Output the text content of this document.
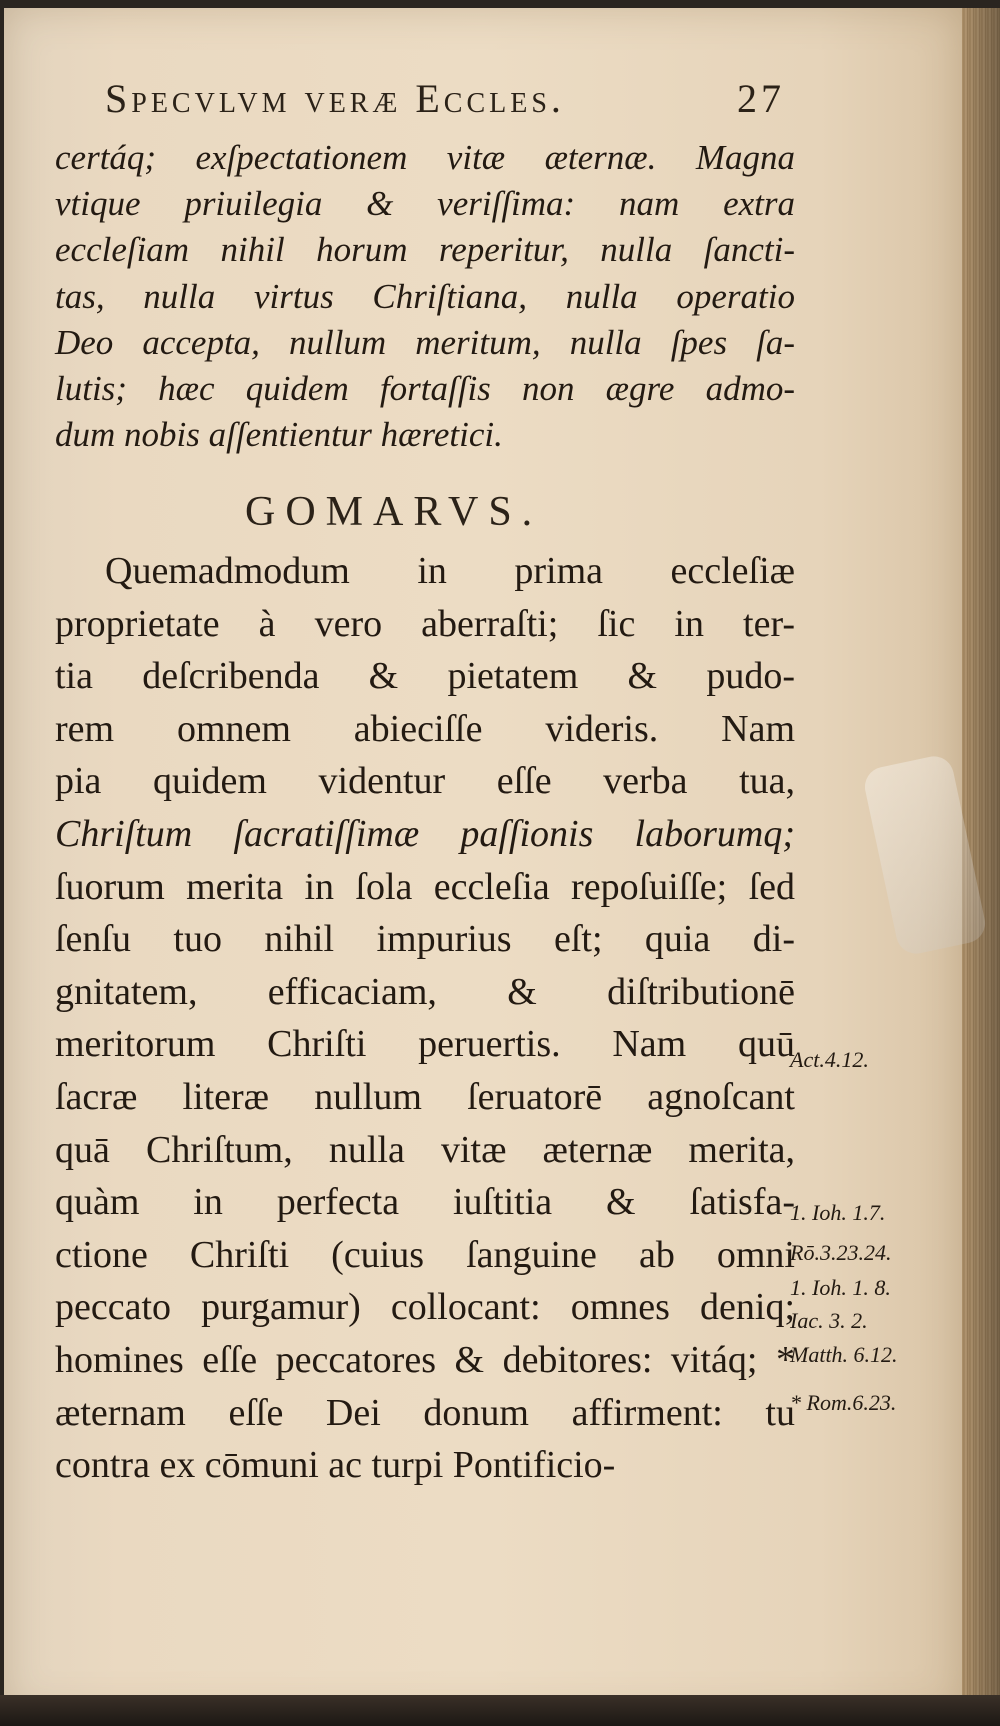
Specvlvm veræ Eccles.	27
certáq; exſpectationem vitæ æternæ. Magna
vtique priuilegia & veriſſima: nam extra
eccleſiam nihil horum reperitur, nulla ſancti-
tas, nulla virtus Chriſtiana, nulla operatio
Deo accepta, nullum meritum, nulla ſpes ſa-
lutis; hæc quidem fortaſſis non ægre admo-
dum nobis aſſentientur hæretici.
GOMARVS.
Quemadmodum in prima eccleſiæ
proprietate à vero aberraſti; ſic in ter-
tia deſcribenda & pietatem & pudo-
rem omnem abieciſſe videris. Nam
pia quidem videntur eſſe verba tua,
Chriſtum ſacratiſſimæ paſſionis laborumq;
ſuorum merita in ſola eccleſia repoſuiſſe; ſed
ſenſu tuo nihil impurius eſt; quia di-
gnitatem, efficaciam, & diſtributionē
meritorum Chriſti peruertis. Nam quū
ſacræ literæ nullum ſeruatorē agnoſcant
quā Chriſtum, nulla vitæ æternæ merita,
quàm in perfecta iuſtitia & ſatisfa-
ctione Chriſti (cuius ſanguine ab omni
peccato purgamur) collocant: omnes deniq;
homines eſſe peccatores & debitores: vitáq; *
æternam eſſe Dei donum affirment: tu
contra ex cōmuni ac turpi Pontificio-
Act.4.12.
1. Ioh. 1.7.
Rō.3.23.24.
1. Ioh. 1. 8.
Iac. 3. 2.
Matth. 6.12.
* Rom.6.23.
